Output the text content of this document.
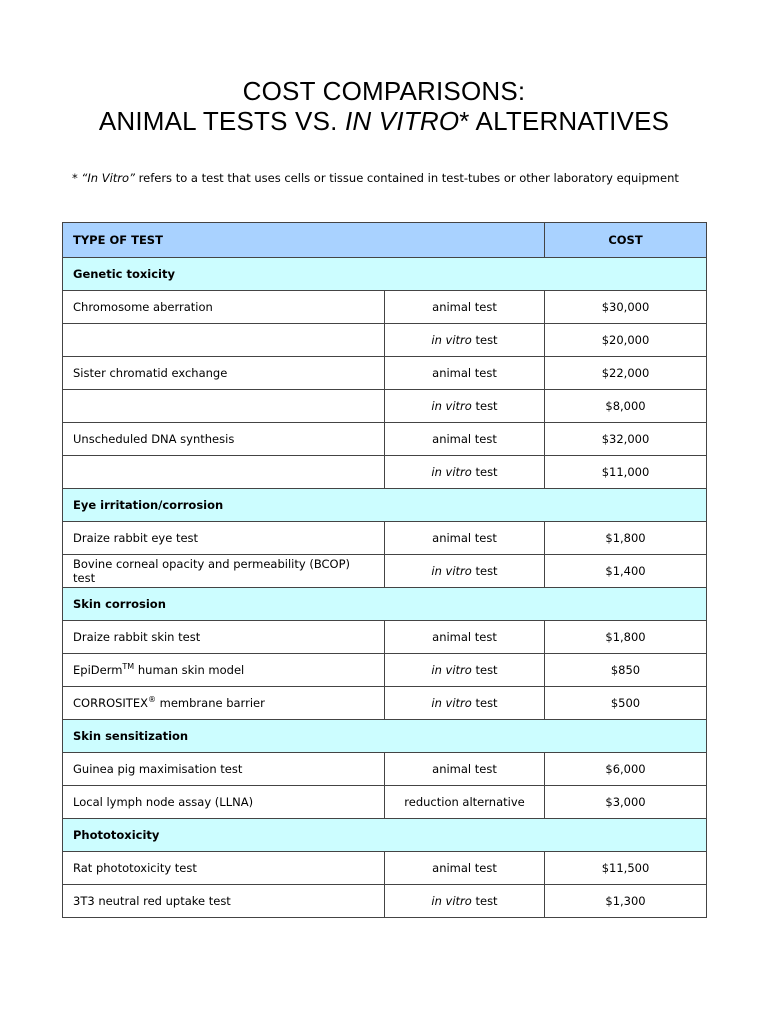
COST COMPARISONS:
ANIMAL TESTS VS. IN VITRO* ALTERNATIVES
* “In Vitro” refers to a test that uses cells or tissue contained in test-tubes or other laboratory equipment
TYPE OF TEST		COST
Genetic toxicity		
Chromosome aberration	animal test	$30,000
	in vitro test	$20,000
Sister chromatid exchange	animal test	$22,000
	in vitro test	$8,000
Unscheduled DNA synthesis	animal test	$32,000
	in vitro test	$11,000
Eye irritation/corrosion		
Draize rabbit eye test	animal test	$1,800
Bovine corneal opacity and permeability (BCOP) test	in vitro test	$1,400
Skin corrosion		
Draize rabbit skin test	animal test	$1,800
EpiDerm™ human skin model	in vitro test	$850
CORROSITEX® membrane barrier	in vitro test	$500
Skin sensitization		
Guinea pig maximisation test	animal test	$6,000
Local lymph node assay (LLNA)	reduction alternative	$3,000
Phototoxicity		
Rat phototoxicity test	animal test	$11,500
3T3 neutral red uptake test	in vitro test	$1,300
